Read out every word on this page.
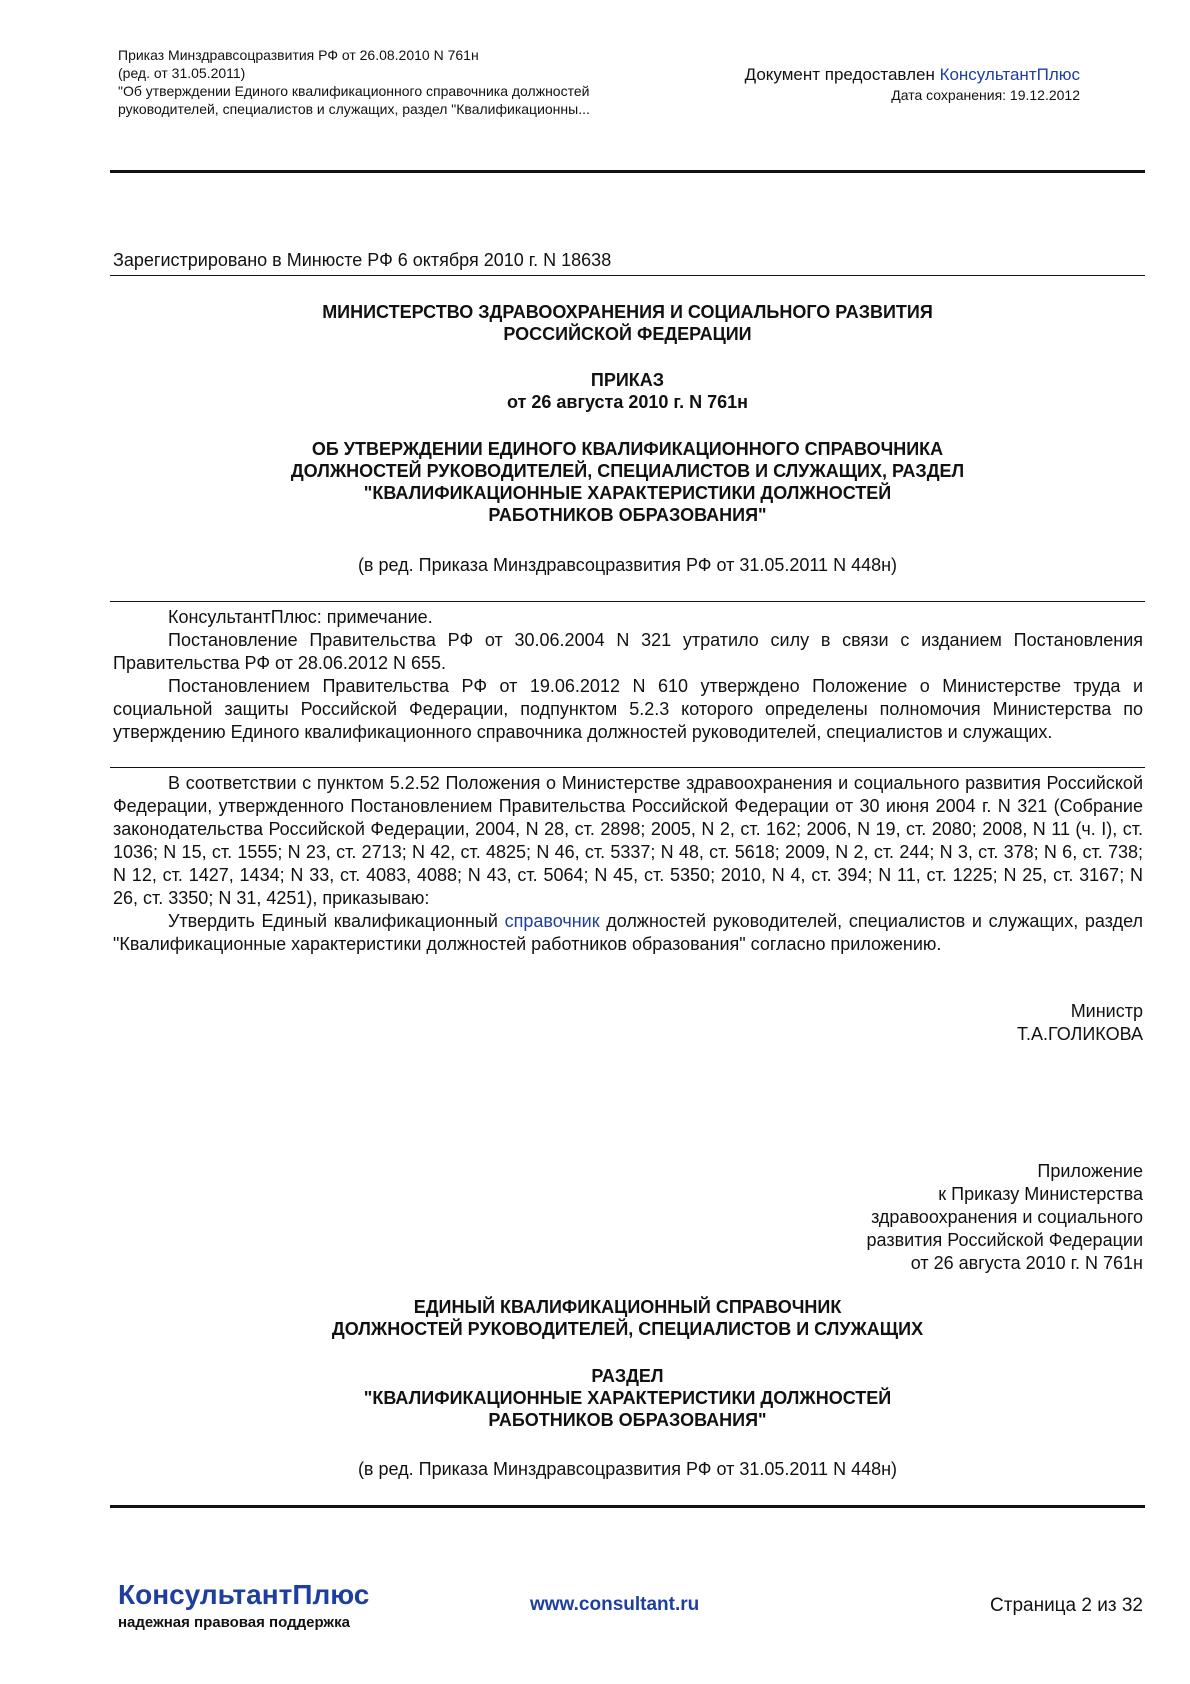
Приказ Минздравсоцразвития РФ от 26.08.2010 N 761н
(ред. от 31.05.2011)
"Об утверждении Единого квалификационного справочника должностей
руководителей, специалистов и служащих, раздел "Квалификационны...
Документ предоставлен КонсультантПлюс
Дата сохранения: 19.12.2012
Зарегистрировано в Минюсте РФ 6 октября 2010 г. N 18638
МИНИСТЕРСТВО ЗДРАВООХРАНЕНИЯ И СОЦИАЛЬНОГО РАЗВИТИЯ
РОССИЙСКОЙ ФЕДЕРАЦИИ
ПРИКАЗ
от 26 августа 2010 г. N 761н
ОБ УТВЕРЖДЕНИИ ЕДИНОГО КВАЛИФИКАЦИОННОГО СПРАВОЧНИКА
ДОЛЖНОСТЕЙ РУКОВОДИТЕЛЕЙ, СПЕЦИАЛИСТОВ И СЛУЖАЩИХ, РАЗДЕЛ
"КВАЛИФИКАЦИОННЫЕ ХАРАКТЕРИСТИКИ ДОЛЖНОСТЕЙ
РАБОТНИКОВ ОБРАЗОВАНИЯ"
(в ред. Приказа Минздравсоцразвития РФ от 31.05.2011 N 448н)

КонсультантПлюс: примечание.

Постановление Правительства РФ от 30.06.2004 N 321 утратило силу в связи с изданием Постановления Правительства РФ от 28.06.2012 N 655.

Постановлением Правительства РФ от 19.06.2012 N 610 утверждено Положение о Министерстве труда и социальной защиты Российской Федерации, подпунктом 5.2.3 которого определены полномочия Министерства по утверждению Единого квалификационного справочника должностей руководителей, специалистов и служащих.

В соответствии с пунктом 5.2.52 Положения о Министерстве здравоохранения и социального развития Российской Федерации, утвержденного Постановлением Правительства Российской Федерации от 30 июня 2004 г. N 321 (Собрание законодательства Российской Федерации, 2004, N 28, ст. 2898; 2005, N 2, ст. 162; 2006, N 19, ст. 2080; 2008, N 11 (ч. I), ст. 1036; N 15, ст. 1555; N 23, ст. 2713; N 42, ст. 4825; N 46, ст. 5337; N 48, ст. 5618; 2009, N 2, ст. 244; N 3, ст. 378; N 6, ст. 738; N 12, ст. 1427, 1434; N 33, ст. 4083, 4088; N 43, ст. 5064; N 45, ст. 5350; 2010, N 4, ст. 394; N 11, ст. 1225; N 25, ст. 3167; N 26, ст. 3350; N 31, 4251), приказываю:

Утвердить Единый квалификационный справочник должностей руководителей, специалистов и служащих, раздел "Квалификационные характеристики должностей работников образования" согласно приложению.

Министр
Т.А.ГОЛИКОВА
Приложение
к Приказу Министерства
здравоохранения и социального
развития Российской Федерации
от 26 августа 2010 г. N 761н
ЕДИНЫЙ КВАЛИФИКАЦИОННЫЙ СПРАВОЧНИК
ДОЛЖНОСТЕЙ РУКОВОДИТЕЛЕЙ, СПЕЦИАЛИСТОВ И СЛУЖАЩИХ
РАЗДЕЛ
"КВАЛИФИКАЦИОННЫЕ ХАРАКТЕРИСТИКИ ДОЛЖНОСТЕЙ
РАБОТНИКОВ ОБРАЗОВАНИЯ"
(в ред. Приказа Минздравсоцразвития РФ от 31.05.2011 N 448н)
КонсультантПлюс
надежная правовая поддержка
www.consultant.ru	Страница 2 из 32
